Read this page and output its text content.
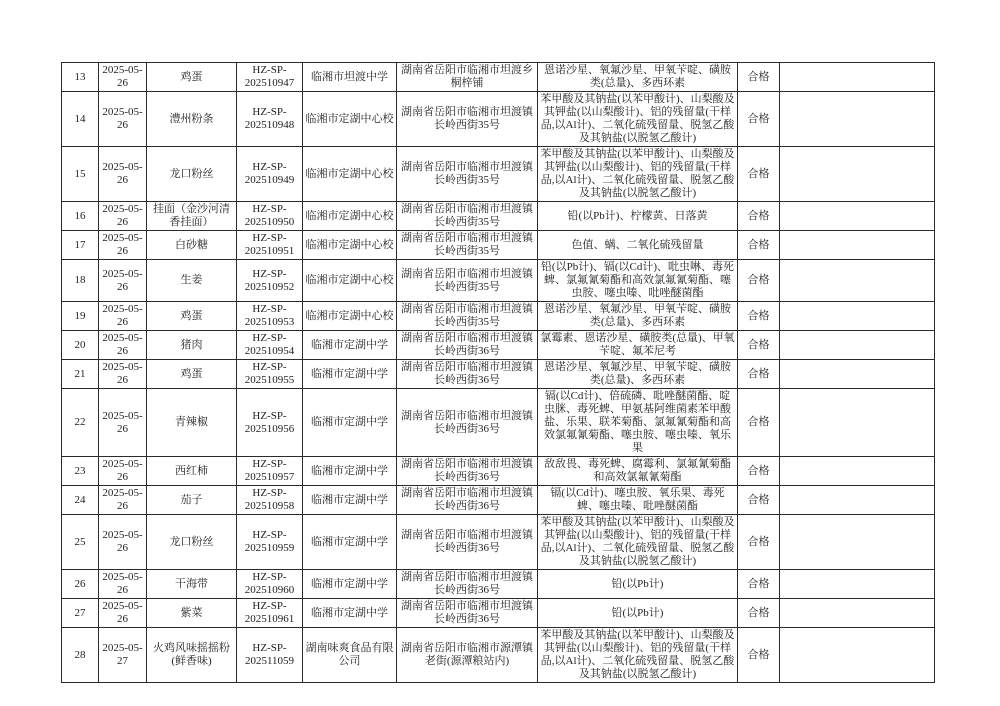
13	2025-05-26	鸡蛋	HZ-SP-202510947	临湘市坦渡中学	湖南省岳阳市临湘市坦渡乡桐梓铺	恩诺沙星、氧氟沙星、甲氧苄啶、磺胺类(总量)、多西环素	合格	
14	2025-05-26	澧州粉条	HZ-SP-202510948	临湘市定湖中心校	湖南省岳阳市临湘市坦渡镇长岭西街35号	苯甲酸及其钠盐(以苯甲酸计)、山梨酸及其钾盐(以山梨酸计)、铝的残留量(干样品,以Al计)、二氧化硫残留量、脱氢乙酸及其钠盐(以脱氢乙酸计)	合格	
15	2025-05-26	龙口粉丝	HZ-SP-202510949	临湘市定湖中心校	湖南省岳阳市临湘市坦渡镇长岭西街35号	苯甲酸及其钠盐(以苯甲酸计)、山梨酸及其钾盐(以山梨酸计)、铝的残留量(干样品,以Al计)、二氧化硫残留量、脱氢乙酸及其钠盐(以脱氢乙酸计)	合格	
16	2025-05-26	挂面（金沙河清香挂面）	HZ-SP-202510950	临湘市定湖中心校	湖南省岳阳市临湘市坦渡镇长岭西街35号	铅(以Pb计)、柠檬黄、日落黄	合格	
17	2025-05-26	白砂糖	HZ-SP-202510951	临湘市定湖中心校	湖南省岳阳市临湘市坦渡镇长岭西街35号	色值、螨、二氧化硫残留量	合格	
18	2025-05-26	生姜	HZ-SP-202510952	临湘市定湖中心校	湖南省岳阳市临湘市坦渡镇长岭西街35号	铅(以Pb计)、镉(以Cd计)、吡虫啉、毒死蜱、氯氟氰菊酯和高效氯氟氰菊酯、噻虫胺、噻虫嗪、吡唑醚菌酯	合格	
19	2025-05-26	鸡蛋	HZ-SP-202510953	临湘市定湖中心校	湖南省岳阳市临湘市坦渡镇长岭西街35号	恩诺沙星、氧氟沙星、甲氧苄啶、磺胺类(总量)、多西环素	合格	
20	2025-05-26	猪肉	HZ-SP-202510954	临湘市定湖中学	湖南省岳阳市临湘市坦渡镇长岭西街36号	氯霉素、恩诺沙星、磺胺类(总量)、甲氧苄啶、氟苯尼考	合格	
21	2025-05-26	鸡蛋	HZ-SP-202510955	临湘市定湖中学	湖南省岳阳市临湘市坦渡镇长岭西街36号	恩诺沙星、氧氟沙星、甲氧苄啶、磺胺类(总量)、多西环素	合格	
22	2025-05-26	青辣椒	HZ-SP-202510956	临湘市定湖中学	湖南省岳阳市临湘市坦渡镇长岭西街36号	镉(以Cd计)、倍硫磷、吡唑醚菌酯、啶虫脒、毒死蜱、甲氨基阿维菌素苯甲酸盐、乐果、联苯菊酯、氯氟氰菊酯和高效氯氟氰菊酯、噻虫胺、噻虫嗪、氧乐果	合格	
23	2025-05-26	西红柿	HZ-SP-202510957	临湘市定湖中学	湖南省岳阳市临湘市坦渡镇长岭西街36号	敌敌畏、毒死蜱、腐霉利、氯氟氰菊酯和高效氯氟氰菊酯	合格	
24	2025-05-26	茄子	HZ-SP-202510958	临湘市定湖中学	湖南省岳阳市临湘市坦渡镇长岭西街36号	镉(以Cd计)、噻虫胺、氧乐果、毒死蜱、噻虫嗪、吡唑醚菌酯	合格	
25	2025-05-26	龙口粉丝	HZ-SP-202510959	临湘市定湖中学	湖南省岳阳市临湘市坦渡镇长岭西街36号	苯甲酸及其钠盐(以苯甲酸计)、山梨酸及其钾盐(以山梨酸计)、铝的残留量(干样品,以Al计)、二氧化硫残留量、脱氢乙酸及其钠盐(以脱氢乙酸计)	合格	
26	2025-05-26	干海带	HZ-SP-202510960	临湘市定湖中学	湖南省岳阳市临湘市坦渡镇长岭西街36号	铅(以Pb计)	合格	
27	2025-05-26	紫菜	HZ-SP-202510961	临湘市定湖中学	湖南省岳阳市临湘市坦渡镇长岭西街36号	铅(以Pb计)	合格	
28	2025-05-27	火鸡风味摇摇粉(鲜香味)	HZ-SP-202511059	湖南味爽食品有限公司	湖南省岳阳市临湘市源潭镇老街(源潭粮站内)	苯甲酸及其钠盐(以苯甲酸计)、山梨酸及其钾盐(以山梨酸计)、铝的残留量(干样品,以Al计)、二氧化硫残留量、脱氢乙酸及其钠盐(以脱氢乙酸计)	合格	
